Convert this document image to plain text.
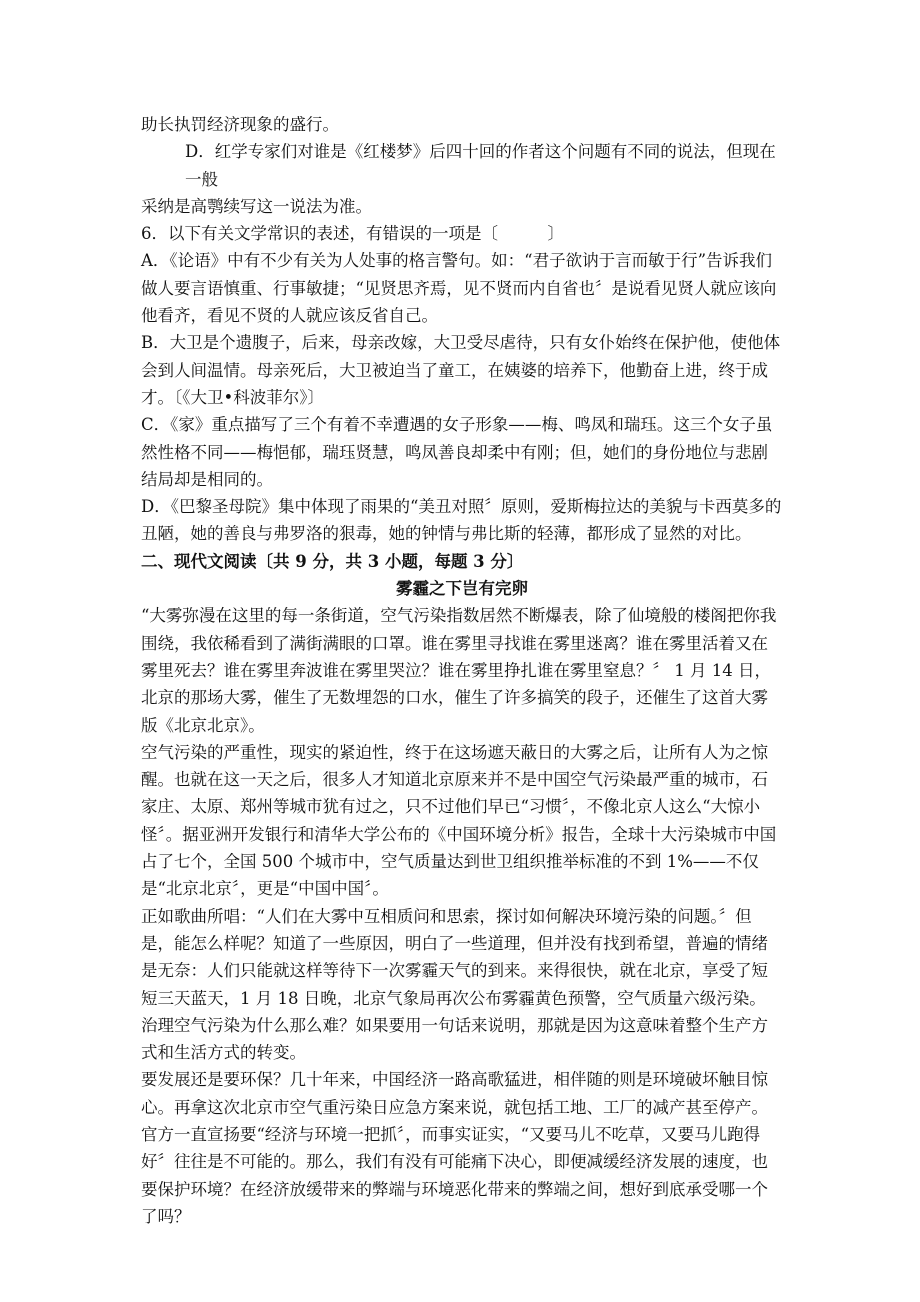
助长执罚经济现象的盛行。

D．红学专家们对谁是《红楼梦》后四十回的作者这个问题有不同的说法，但现在一般

采纳是高鹗续写这一说法为准。

6．以下有关文学常识的表述，有错误的一项是〔　　　〕

A．《论语》中有不少有关为人处事的格言警句。如：“君子欲讷于言而敏于行”告诉我们做人要言语慎重、行事敏捷；“见贤思齐焉，见不贤而内自省也〞是说看见贤人就应该向他看齐，看见不贤的人就应该反省自己。

B．大卫是个遗腹子，后来，母亲改嫁，大卫受尽虐待，只有女仆始终在保护他，使他体会到人间温情。母亲死后，大卫被迫当了童工，在姨婆的培养下，他勤奋上进，终于成才。〔《大卫•科波菲尔》〕

C．《家》重点描写了三个有着不幸遭遇的女子形象——梅、鸣凤和瑞珏。这三个女子虽然性格不同——梅悒郁，瑞珏贤慧，鸣凤善良却柔中有刚；但，她们的身份地位与悲剧结局却是相同的。

D．《巴黎圣母院》集中体现了雨果的“美丑对照〞原则，爱斯梅拉达的美貌与卡西莫多的丑陋，她的善良与弗罗洛的狠毒，她的钟情与弗比斯的轻薄，都形成了显然的对比。

二、现代文阅读〔共 9 分，共 3 小题，每题 3 分〕

雾霾之下岂有完卵

“大雾弥漫在这里的每一条街道，空气污染指数居然不断爆表，除了仙境般的楼阁把你我围绕，我依稀看到了满街满眼的口罩。谁在雾里寻找谁在雾里迷离？谁在雾里活着又在雾里死去？谁在雾里奔波谁在雾里哭泣？谁在雾里挣扎谁在雾里窒息？〞 1 月 14 日，北京的那场大雾，催生了无数埋怨的口水，催生了许多搞笑的段子，还催生了这首大雾版《北京北京》。

空气污染的严重性，现实的紧迫性，终于在这场遮天蔽日的大雾之后，让所有人为之惊醒。也就在这一天之后，很多人才知道北京原来并不是中国空气污染最严重的城市，石家庄、太原、郑州等城市犹有过之，只不过他们早已“习惯〞，不像北京人这么“大惊小怪〞。据亚洲开发银行和清华大学公布的《中国环境分析》报告，全球十大污染城市中国占了七个，全国 500 个城市中，空气质量达到世卫组织推举标准的不到 1%——不仅是“北京北京〞，更是“中国中国〞。

正如歌曲所唱：“人们在大雾中互相质问和思索，探讨如何解决环境污染的问题。〞但是，能怎么样呢？知道了一些原因，明白了一些道理，但并没有找到希望，普遍的情绪是无奈：人们只能就这样等待下一次雾霾天气的到来。来得很快，就在北京，享受了短短三天蓝天，1 月 18 日晚，北京气象局再次公布雾霾黄色预警，空气质量六级污染。

治理空气污染为什么那么难？如果要用一句话来说明，那就是因为这意味着整个生产方式和生活方式的转变。

要发展还是要环保？几十年来，中国经济一路高歌猛进，相伴随的则是环境破坏触目惊心。再拿这次北京市空气重污染日应急方案来说，就包括工地、工厂的减产甚至停产。官方一直宣扬要“经济与环境一把抓〞，而事实证实，“又要马儿不吃草，又要马儿跑得好〞往往是不可能的。那么，我们有没有可能痛下决心，即便减缓经济发展的速度，也要保护环境？在经济放缓带来的弊端与环境恶化带来的弊端之间，想好到底承受哪一个了吗？
